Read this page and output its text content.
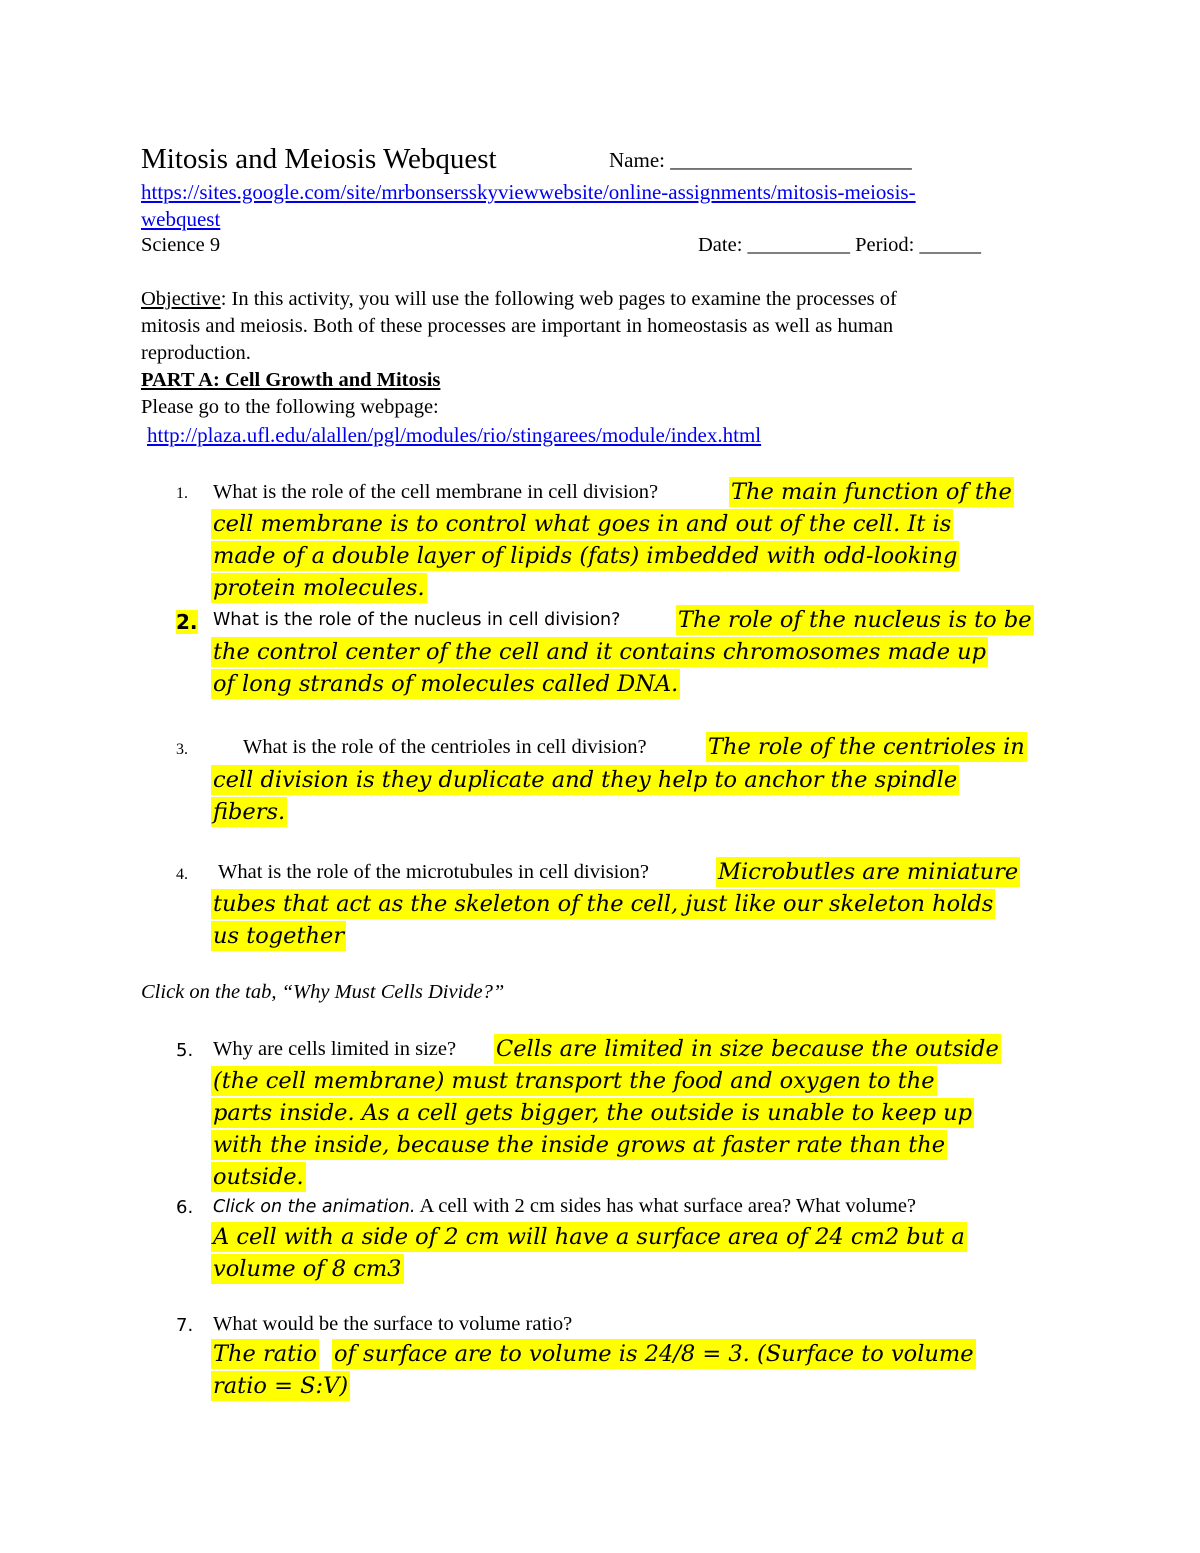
Mitosis and Meiosis Webquest	Name: _______________________
https://sites.google.com/site/mrbonsersskyviewwebsite/online-assignments/mitosis-meiosis-
webquest
Science 9	Date: __________ Period: ______
Objective: In this activity, you will use the following web pages to examine the processes of
mitosis and meiosis. Both of these processes are important in homeostasis as well as human
reproduction.
PART A: Cell Growth and Mitosis
Please go to the following webpage:
http://plaza.ufl.edu/alallen/pgl/modules/rio/stingarees/module/index.html
1. What is the role of the cell membrane in cell division?	The main function of the
cell membrane is to control what goes in and out of the cell. It is
made of a double layer of lipids (fats) imbedded with odd-looking
protein molecules.
2. What is the role of the nucleus in cell division?	The role of the nucleus is to be
the control center of the cell and it contains chromosomes made up
of long strands of molecules called DNA.
3.	What is the role of the centrioles in cell division?	The role of the centrioles in
cell division is they duplicate and they help to anchor the spindle
fibers.
4. What is the role of the microtubules in cell division?	Microbutles are miniature
tubes that act as the skeleton of the cell, just like our skeleton holds
us together
Click on the tab, “Why Must Cells Divide?”
5. Why are cells limited in size? Cells are limited in size because the outside
(the cell membrane) must transport the food and oxygen to the
parts inside. As a cell gets bigger, the outside is unable to keep up
with the inside, because the inside grows at faster rate than the
outside.
6. Click on the animation. A cell with 2 cm sides has what surface area? What volume?
A cell with a side of 2 cm will have a surface area of 24 cm2 but a
volume of 8 cm3
7. What would be the surface to volume ratio?
The ratio of surface are to volume is 24/8 = 3. (Surface to volume
ratio = S:V)
